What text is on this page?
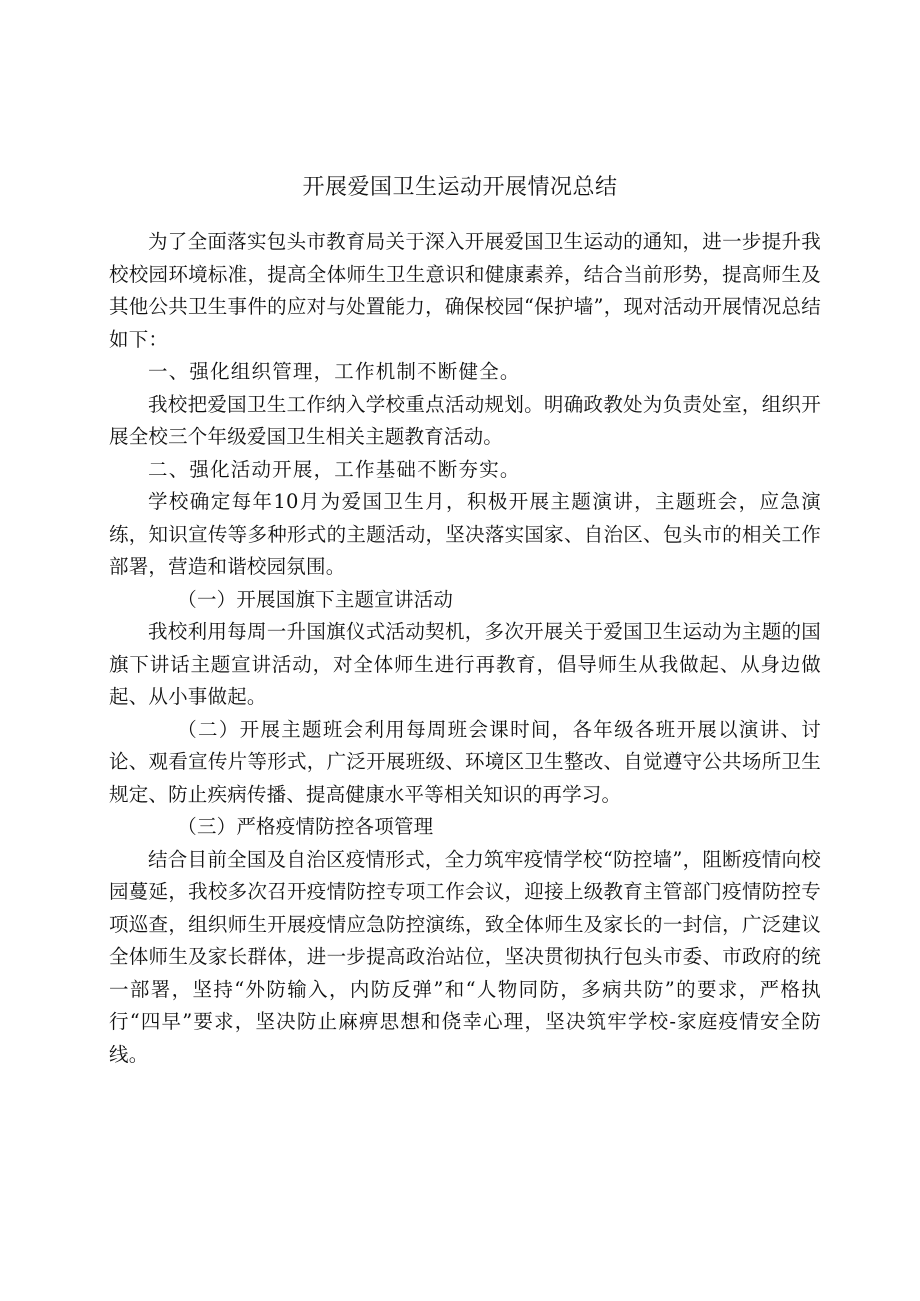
开展爱国卫生运动开展情况总结

为了全面落实包头市教育局关于深入开展爱国卫生运动的通知，进一步提升我校校园环境标准，提高全体师生卫生意识和健康素养，结合当前形势，提高师生及其他公共卫生事件的应对与处置能力，确保校园“保护墙”，现对活动开展情况总结如下：

一、强化组织管理，工作机制不断健全。

我校把爱国卫生工作纳入学校重点活动规划。明确政教处为负责处室，组织开展全校三个年级爱国卫生相关主题教育活动。

二、强化活动开展，工作基础不断夯实。

学校确定每年10月为爱国卫生月，积极开展主题演讲，主题班会，应急演练，知识宣传等多种形式的主题活动，坚决落实国家、自治区、包头市的相关工作部署，营造和谐校园氛围。

（一）开展国旗下主题宣讲活动

我校利用每周一升国旗仪式活动契机，多次开展关于爱国卫生运动为主题的国旗下讲话主题宣讲活动，对全体师生进行再教育，倡导师生从我做起、从身边做起、从小事做起。

（二）开展主题班会利用每周班会课时间，各年级各班开展以演讲、讨论、观看宣传片等形式，广泛开展班级、环境区卫生整改、自觉遵守公共场所卫生规定、防止疾病传播、提高健康水平等相关知识的再学习。

（三）严格疫情防控各项管理

结合目前全国及自治区疫情形式，全力筑牢疫情学校“防控墙”，阻断疫情向校园蔓延，我校多次召开疫情防控专项工作会议，迎接上级教育主管部门疫情防控专项巡查，组织师生开展疫情应急防控演练，致全体师生及家长的一封信，广泛建议全体师生及家长群体，进一步提高政治站位，坚决贯彻执行包头市委、市政府的统一部署，坚持“外防输入，内防反弹”和“人物同防，多病共防”的要求，严格执行“四早”要求，坚决防止麻痹思想和侥幸心理，坚决筑牢学校-家庭疫情安全防线。
